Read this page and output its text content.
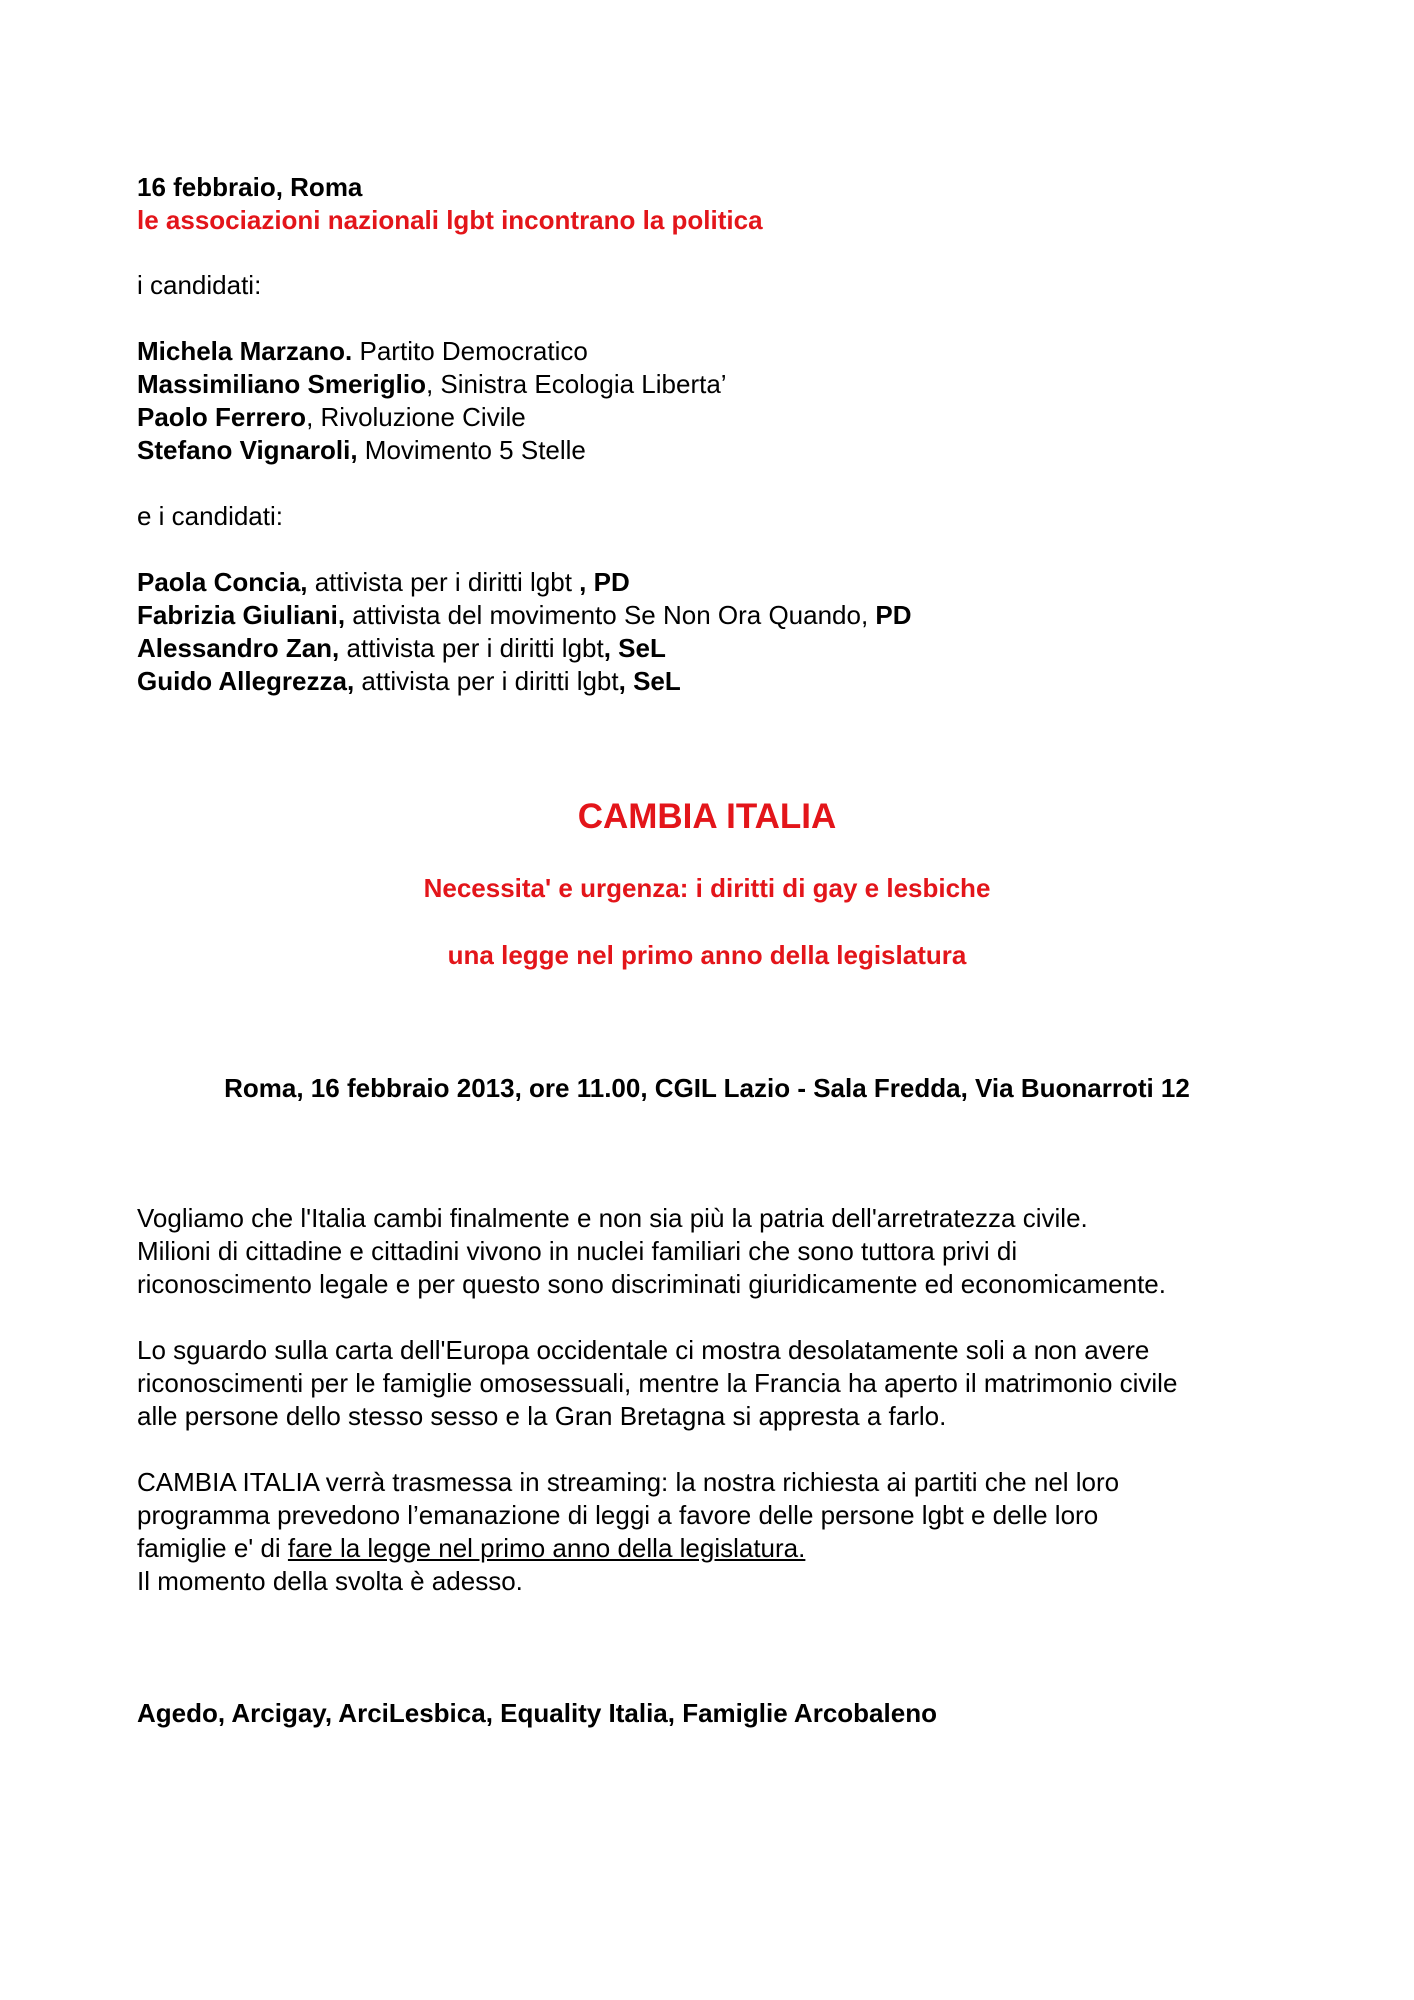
16 febbraio, Roma
le associazioni nazionali lgbt incontrano la politica
i candidati:
Michela Marzano. Partito Democratico
Massimiliano Smeriglio, Sinistra Ecologia Liberta’
Paolo Ferrero, Rivoluzione Civile
Stefano Vignaroli, Movimento 5 Stelle
e i candidati:
Paola Concia, attivista per i diritti lgbt , PD
Fabrizia Giuliani, attivista del movimento Se Non Ora Quando, PD
Alessandro Zan, attivista per i diritti lgbt, SeL
Guido Allegrezza, attivista per i diritti lgbt, SeL
CAMBIA ITALIA
Necessita' e urgenza: i diritti di gay e lesbiche
una legge nel primo anno della legislatura
Roma, 16 febbraio 2013, ore 11.00, CGIL Lazio - Sala Fredda, Via Buonarroti 12
Vogliamo che l'Italia cambi finalmente e non sia più la patria dell'arretratezza civile.
Milioni di cittadine e cittadini vivono in nuclei familiari che sono tuttora privi di
riconoscimento legale e per questo sono discriminati giuridicamente ed economicamente.
Lo sguardo sulla carta dell'Europa occidentale ci mostra desolatamente soli a non avere
riconoscimenti per le famiglie omosessuali, mentre la Francia ha aperto il matrimonio civile
alle persone dello stesso sesso e la Gran Bretagna si appresta a farlo.
CAMBIA ITALIA verrà trasmessa in streaming: la nostra richiesta ai partiti che nel loro
programma prevedono l’emanazione di leggi a favore delle persone lgbt e delle loro
famiglie e' di fare la legge nel primo anno della legislatura.
Il momento della svolta è adesso.
Agedo, Arcigay, ArciLesbica, Equality Italia, Famiglie Arcobaleno
